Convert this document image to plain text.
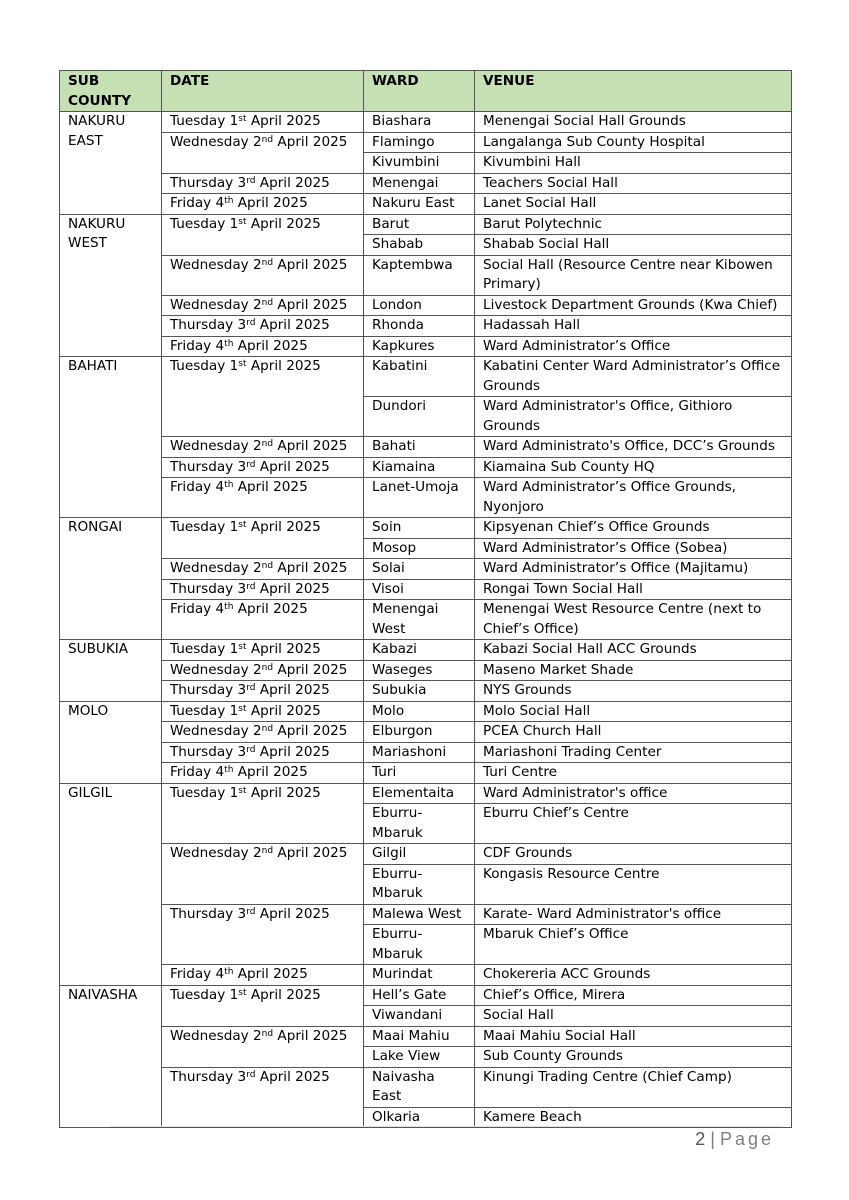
SUB COUNTY	DATE	WARD	VENUE
NAKURU EAST	Tuesday 1st April 2025	Biashara	Menengai Social Hall Grounds
	Wednesday 2nd April 2025	Flamingo	Langalanga Sub County Hospital
		Kivumbini	Kivumbini Hall
	Thursday 3rd April 2025	Menengai	Teachers Social Hall
	Friday 4th April 2025	Nakuru East	Lanet Social Hall
NAKURU WEST	Tuesday 1st April 2025	Barut	Barut Polytechnic
		Shabab	Shabab Social Hall
	Wednesday 2nd April 2025	Kaptembwa	Social Hall (Resource Centre near Kibowen Primary)
	Wednesday 2nd April 2025	London	Livestock Department Grounds (Kwa Chief)
	Thursday 3rd April 2025	Rhonda	Hadassah Hall
	Friday 4th April 2025	Kapkures	Ward Administrator’s Office
BAHATI	Tuesday 1st April 2025	Kabatini	Kabatini Center Ward Administrator’s Office Grounds
		Dundori	Ward Administrator's Office, Githioro Grounds
	Wednesday 2nd April 2025	Bahati	Ward Administrato's Office, DCC’s Grounds
	Thursday 3rd April 2025	Kiamaina	Kiamaina Sub County HQ
	Friday 4th April 2025	Lanet-Umoja	Ward Administrator’s Office Grounds, Nyonjoro
RONGAI	Tuesday 1st April 2025	Soin	Kipsyenan Chief’s Office Grounds
		Mosop	Ward Administrator’s Office (Sobea)
	Wednesday 2nd April 2025	Solai	Ward Administrator’s Office (Majitamu)
	Thursday 3rd April 2025	Visoi	Rongai Town Social Hall
	Friday 4th April 2025	Menengai West	Menengai West Resource Centre (next to Chief’s Office)
SUBUKIA	Tuesday 1st April 2025	Kabazi	Kabazi Social Hall ACC Grounds
	Wednesday 2nd April 2025	Waseges	Maseno Market Shade
	Thursday 3rd April 2025	Subukia	NYS Grounds
MOLO	Tuesday 1st April 2025	Molo	Molo Social Hall
	Wednesday 2nd April 2025	Elburgon	PCEA Church Hall
	Thursday 3rd April 2025	Mariashoni	Mariashoni Trading Center
	Friday 4th April 2025	Turi	Turi Centre
GILGIL	Tuesday 1st April 2025	Elementaita	Ward Administrator's office
		Eburru-Mbaruk	Eburru Chief’s Centre
	Wednesday 2nd April 2025	Gilgil	CDF Grounds
		Eburru-Mbaruk	Kongasis Resource Centre
	Thursday 3rd April 2025	Malewa West	Karate- Ward Administrator's office
		Eburru-Mbaruk	Mbaruk Chief’s Office
	Friday 4th April 2025	Murindat	Chokereria ACC Grounds
NAIVASHA	Tuesday 1st April 2025	Hell’s Gate	Chief’s Office, Mirera
		Viwandani	Social Hall
	Wednesday 2nd April 2025	Maai Mahiu	Maai Mahiu Social Hall
		Lake View	Sub County Grounds
	Thursday 3rd April 2025	Naivasha East	Kinungi Trading Centre (Chief Camp)
		Olkaria	Kamere Beach
2 | Page
